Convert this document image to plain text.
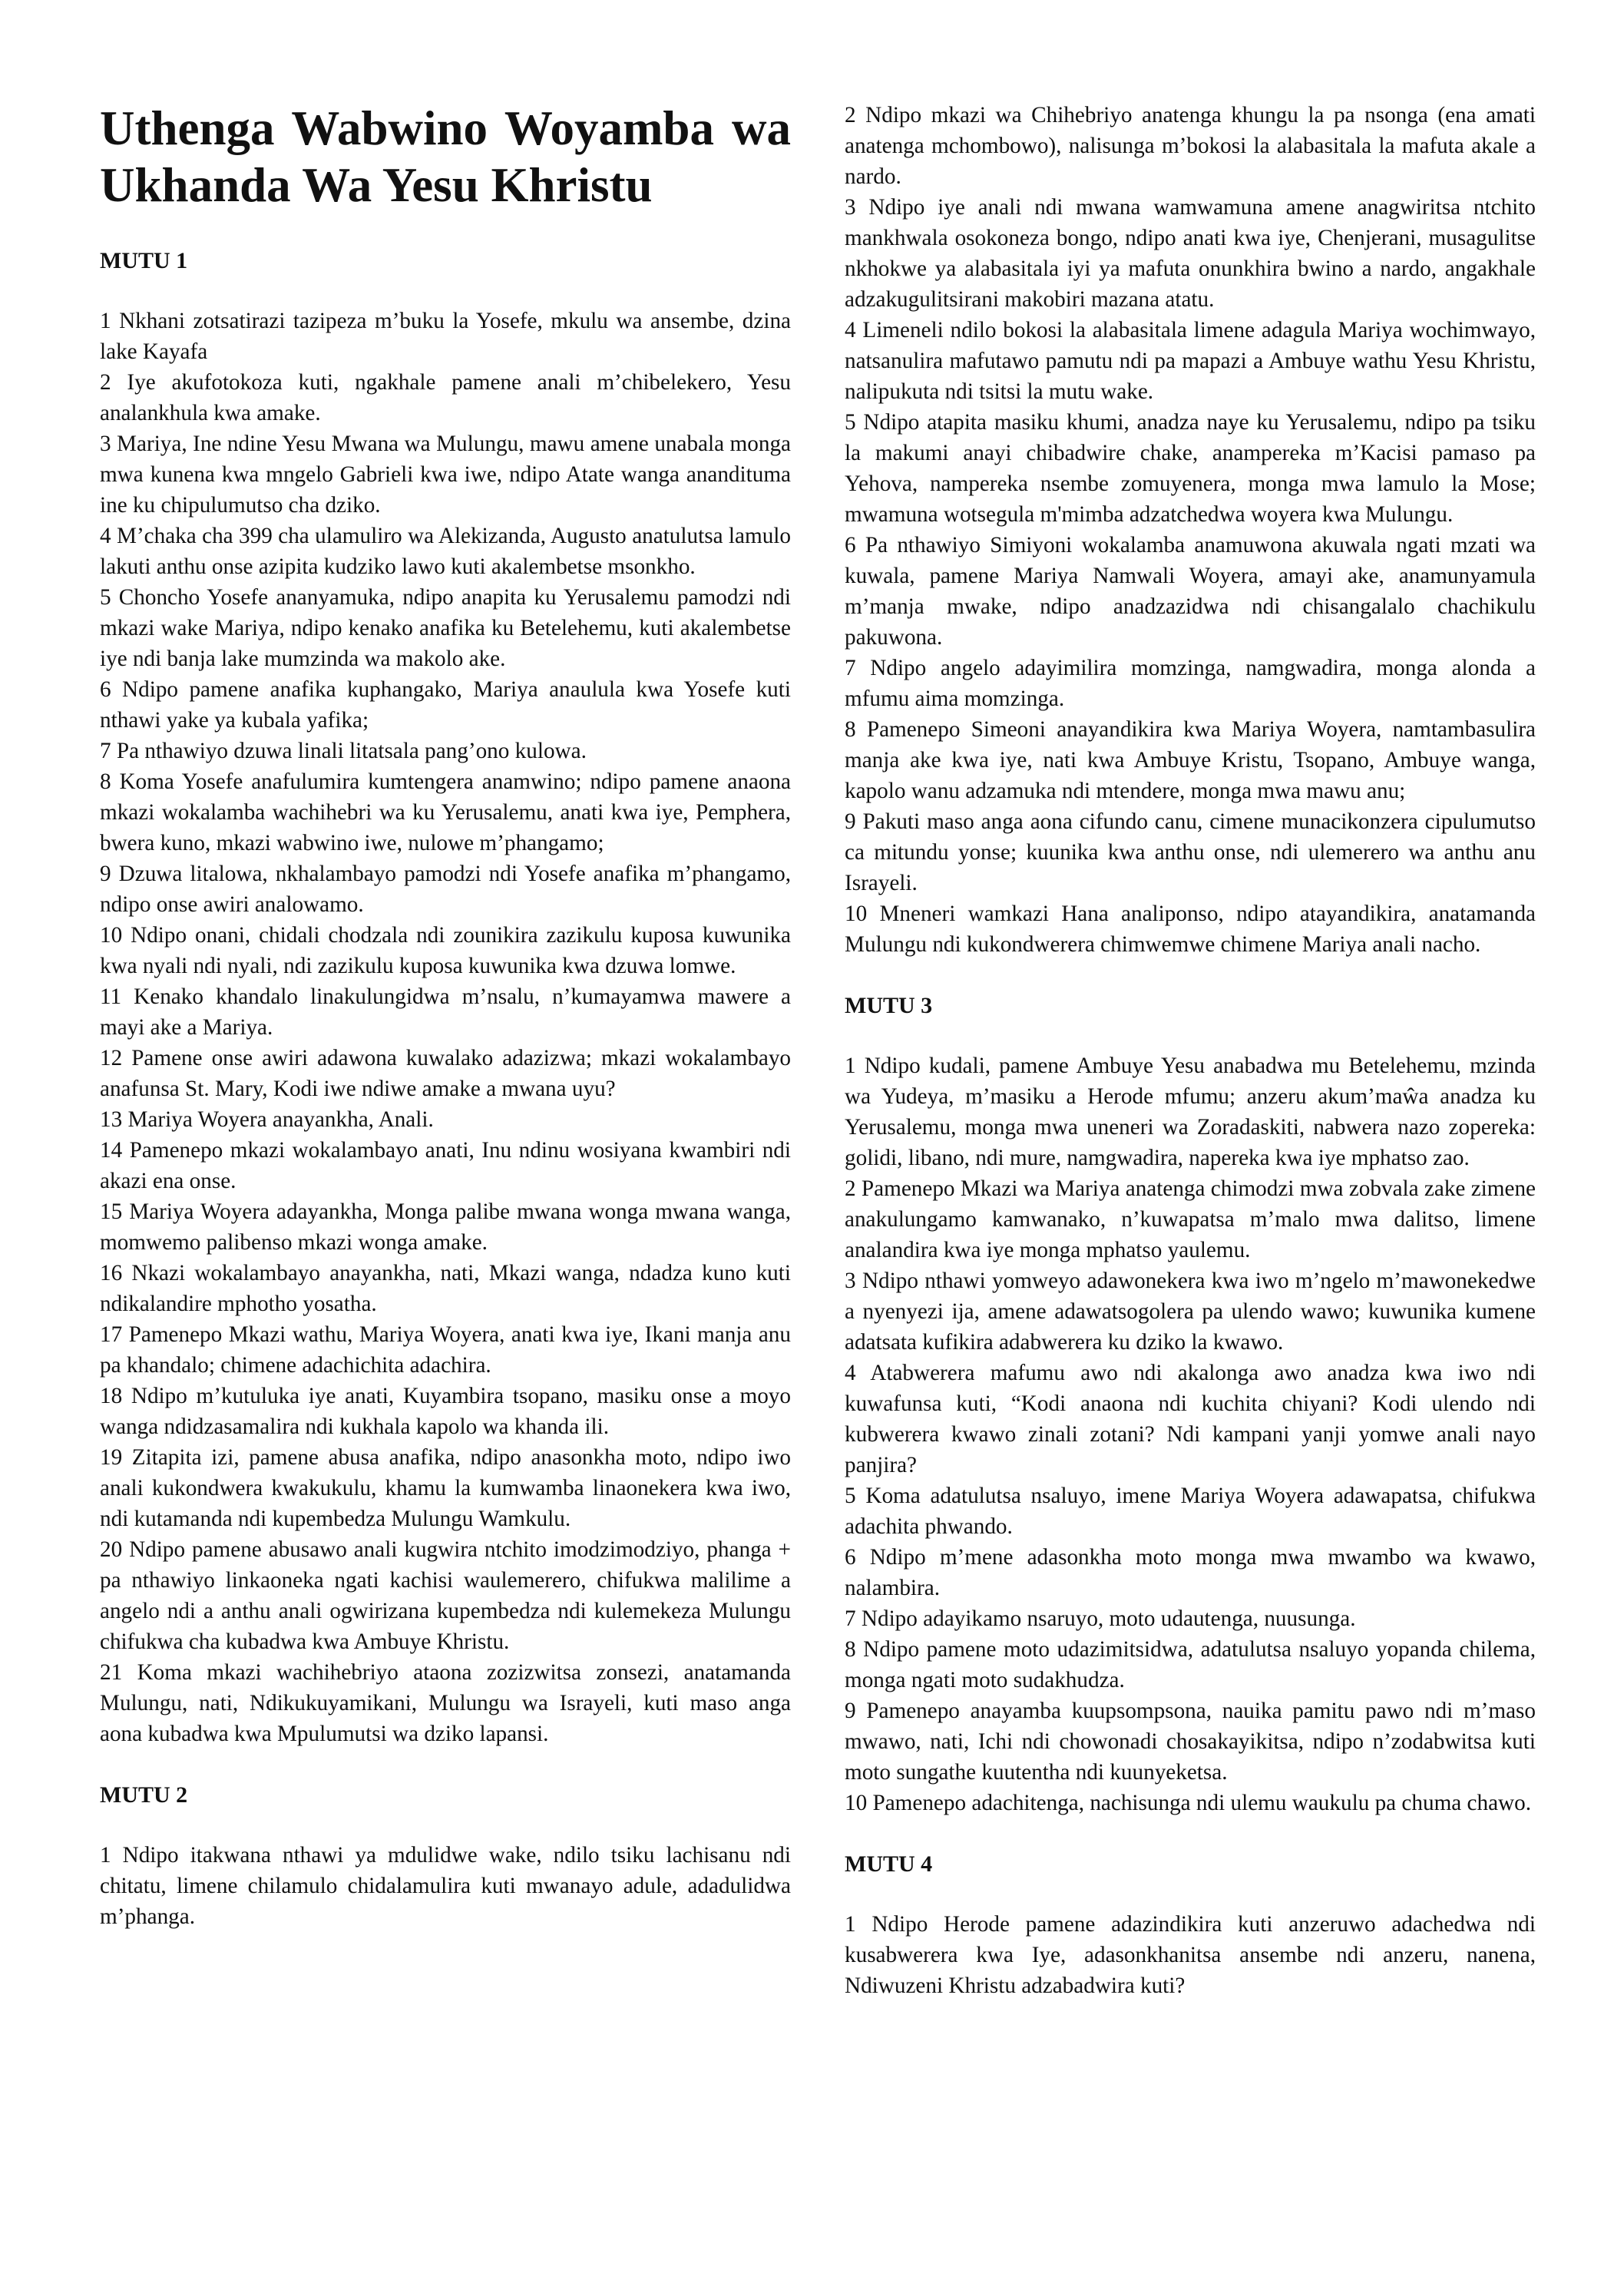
Uthenga Wabwino Woyamba wa Ukhanda Wa Yesu Khristu
MUTU 1

1 Nkhani zotsatirazi tazipeza m’buku la Yosefe, mkulu wa ansembe, dzina lake Kayafa

2 Iye akufotokoza kuti, ngakhale pamene anali m’chibelekero, Yesu analankhula kwa amake.

3 Mariya, Ine ndine Yesu Mwana wa Mulungu, mawu amene unabala monga mwa kunena kwa mngelo Gabrieli kwa iwe, ndipo Atate wanga ananditumа ine ku chipulumutso cha dziko.

4 M’chaka cha 399 cha ulamuliro wa Alekizanda, Augusto anatulutsa lamulo lakuti anthu onse azipita kudziko lawo kuti akalembetse msonkho.

5 Choncho Yosefe ananyamuka, ndipo anapita ku Yerusalemu pamodzi ndi mkazi wake Mariya, ndipo kenako anafika ku Betelehemu, kuti akalembetse iye ndi banja lake mumzinda wa makolo ake.

6 Ndipo pamene anafika kuphangako, Mariya anaulula kwa Yosefe kuti nthawi yake ya kubala yafika;

7 Pa nthawiyo dzuwa linali litatsala pang’ono kulowa.

8 Koma Yosefe anafulumira kumtengera anamwino; ndipo pamene anaona mkazi wokalamba wachihebri wa ku Yerusalemu, anati kwa iye, Pemphera, bwera kuno, mkazi wabwino iwe, nulowe m’phangamo;

9 Dzuwa litalowa, nkhalambayo pamodzi ndi Yosefe anafika m’phangamo, ndipo onse awiri analowamo.

10 Ndipo onani, chidali chodzala ndi zounikira zazikulu kuposa kuwunika kwa nyali ndi nyali, ndi zazikulu kuposa kuwunika kwa dzuwa lomwe.

11 Kenako khandalo linakulungidwa m’nsalu, n’kumayamwa mawere a mayi ake a Mariya.

12 Pamene onse awiri adawona kuwalako adazizwa; mkazi wokalambayo anafunsa St. Mary, Kodi iwe ndiwe amake a mwana uyu?

13 Mariya Woyera anayankha, Anali.

14 Pamenepo mkazi wokalambayo anati, Inu ndinu wosiyana kwambiri ndi akazi ena onse.

15 Mariya Woyera adayankha, Monga palibe mwana wonga mwana wanga, momwemo palibenso mkazi wonga amake.

16 Nkazi wokalambayo anayankha, nati, Mkazi wanga, ndadza kuno kuti ndikalandire mphotho yosatha.

17 Pamenepo Mkazi wathu, Mariya Woyera, anati kwa iye, Ikani manja anu pa khandalo; chimene adachichita adachira.

18 Ndipo m’kutuluka iye anati, Kuyambira tsopano, masiku onse a moyo wanga ndidzasamalira ndi kukhala kapolo wa khanda ili.

19 Zitapita izi, pamene abusa anafika, ndipo anasonkha moto, ndipo iwo anali kukondwera kwakukulu, khamu la kumwamba linaonekera kwa iwo, ndi kutamanda ndi kupembedza Mulungu Wamkulu.

20 Ndipo pamene abusawo anali kugwira ntchito imodzimodziyo, phanga + pa nthawiyo linkaoneka ngati kachisi waulemerero, chifukwa malilime a angelo ndi a anthu anali ogwirizana kupembedza ndi kulemekeza Mulungu chifukwa cha kubadwa kwa Ambuye Khristu.

21 Koma mkazi wachihebriyo ataona zozizwitsa zonsezi, anatamanda Mulungu, nati, Ndikukuyamikani, Mulungu wa Israyeli, kuti maso anga aona kubadwa kwa Mpulumutsi wa dziko lapansi.

MUTU 2

1 Ndipo itakwana nthawi ya mdulidwe wake, ndilo tsiku lachisanu ndi chitatu, limene chilamulo chidalamulira kuti mwanayo adule, adadulidwa m’phanga.

2 Ndipo mkazi wa Chihebriyo anatenga khungu la pa nsonga (ena amati anatenga mchombowo), nalisunga m’bokosi la alabasitala la mafuta akale a nardo.

3 Ndipo iye anali ndi mwana wamwamuna amene anagwiritsa ntchito mankhwala osokoneza bongo, ndipo anati kwa iye, Chenjerani, musagulitse nkhokwe ya alabasitala iyi ya mafuta onunkhira bwino a nardo, angakhale adzakugulitsirani makobiri mazana atatu.

4 Limeneli ndilo bokosi la alabasitala limene adagula Mariya wochimwayo, natsanulira mafutawo pamutu ndi pa mapazi a Ambuye wathu Yesu Khristu, nalipukuta ndi tsitsi la mutu wake.

5 Ndipo atapita masiku khumi, anadza naye ku Yerusalemu, ndipo pa tsiku la makumi anayi chibadwire chake, anampereka m’Kacisi pamaso pa Yehova, nampereka nsembe zomuyenera, monga mwa lamulo la Mose; mwamuna wotsegula m'mimba adzatchedwa woyera kwa Mulungu.

6 Pa nthawiyo Simiyoni wokalamba anamuwona akuwala ngati mzati wa kuwala, pamene Mariya Namwali Woyera, amayi ake, anamunyamula m’manja mwake, ndipo anadzazidwa ndi chisangalalo chachikulu pakuwona.

7 Ndipo angelo adayimilira momzinga, namgwadira, monga alonda a mfumu aima momzinga.

8 Pamenepo Simeoni anayandikira kwa Mariya Woyera, namtambasulira manja ake kwa iye, nati kwa Ambuye Kristu, Tsopano, Ambuye wanga, kapolo wanu adzamuka ndi mtendere, monga mwa mawu anu;

9 Pakuti maso anga aona cifundo canu, cimene munacikonzera cipulumutso ca mitundu yonse; kuunika kwa anthu onse, ndi ulemerero wa anthu anu Israyeli.

10 Mneneri wamkazi Hana analiponso, ndipo atayandikira, anatamanda Mulungu ndi kukondwerera chimwemwe chimene Mariya anali nacho.

MUTU 3

1 Ndipo kudali, pamene Ambuye Yesu anabadwa mu Betelehemu, mzinda wa Yudeya, m’masiku a Herode mfumu; anzeru akum’maŵa anadza ku Yerusalemu, monga mwa uneneri wa Zoradaskiti, nabwera nazo zopereka: golidi, libano, ndi mure, namgwadira, napereka kwa iye mphatso zao.

2 Pamenepo Mkazi wa Mariya anatenga chimodzi mwa zobvala zake zimene anakulungamo kamwanako, n’kuwapatsa m’malo mwa dalitso, limene analandira kwa iye monga mphatso yaulemu.

3 Ndipo nthawi yomweyo adawonekera kwa iwo m’ngelo m’mawonekedwe a nyenyezi ija, amene adawatsogolera pa ulendo wawo; kuwunika kumene adatsata kufikira adabwerera ku dziko la kwawo.

4 Atabwerera mafumu awo ndi akalonga awo anadza kwa iwo ndi kuwafunsa kuti, “Kodi anaona ndi kuchita chiyani? Kodi ulendo ndi kubwerera kwawo zinali zotani? Ndi kampani yanji yomwe anali nayo panjira?

5 Koma adatulutsa nsaluyo, imene Mariya Woyera adawapatsa, chifukwa adachita phwando.

6 Ndipo m’mene adasonkha moto monga mwa mwambo wa kwawo, nalambira.

7 Ndipo adayikamo nsaruyo, moto udautenga, nuusunga.

8 Ndipo pamene moto udazimitsidwa, adatulutsa nsaluyo yopanda chilema, monga ngati moto sudakhudza.

9 Pamenepo anayamba kuupsompsona, nauika pamitu pawo ndi m’maso mwawo, nati, Ichi ndi chowonadi chosakayikitsa, ndipo n’zodabwitsa kuti moto sungathe kuutentha ndi kuunyeketsa.

10 Pamenepo adachitenga, nachisunga ndi ulemu waukulu pa chuma chawo.

MUTU 4

1 Ndipo Herode pamene adazindikira kuti anzeruwo adachedwa ndi kusabwerera kwa Iye, adasonkhanitsa ansembe ndi anzeru, nanena, Ndiwuzeni Khristu adzabadwira kuti?
